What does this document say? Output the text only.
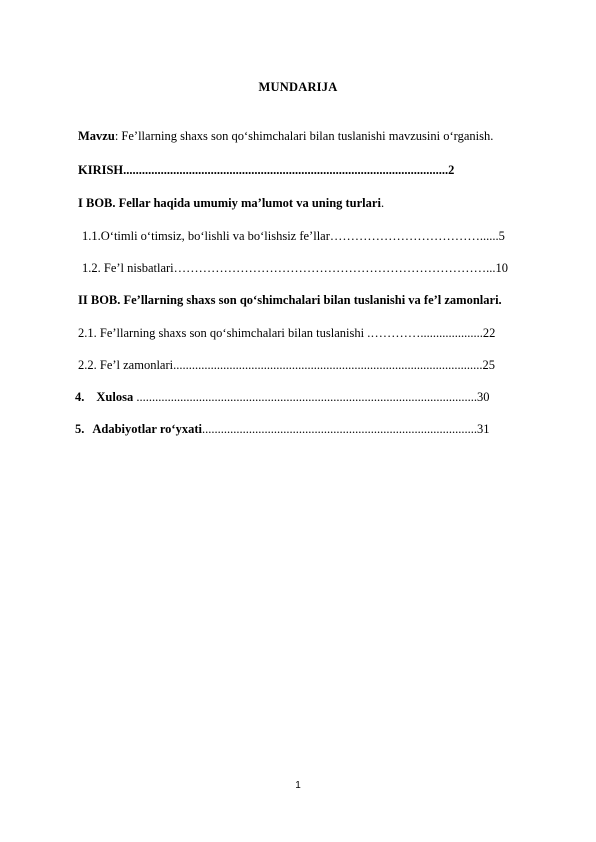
MUNDARIJA
Mavzu: Fe’llarning shaxs son qo‘shimchalari bilan tuslanishi mavzusini o‘rganish.
KIRISH........................................................................................................2
I BOB. Fellar haqida umumiy ma’lumot va uning turlari.
1.1.O‘timli o‘timsiz, bo‘lishli va bo‘lishsiz fe’llar………………………………......5
1.2. Fe’l nisbatlari…………………………………………………………………...10
II BOB. Fe’llarning shaxs son qo‘shimchalari bilan tuslanishi va fe’l zamonlari.
2.1. Fe’llarning shaxs son qo‘shimchalari bilan tuslanishi .…………....................22
2.2. Fe’l zamonlari...................................................................................................25
4. Xulosa .............................................................................................................30
5. Adabiyotlar ro‘yxati........................................................................................31
1
